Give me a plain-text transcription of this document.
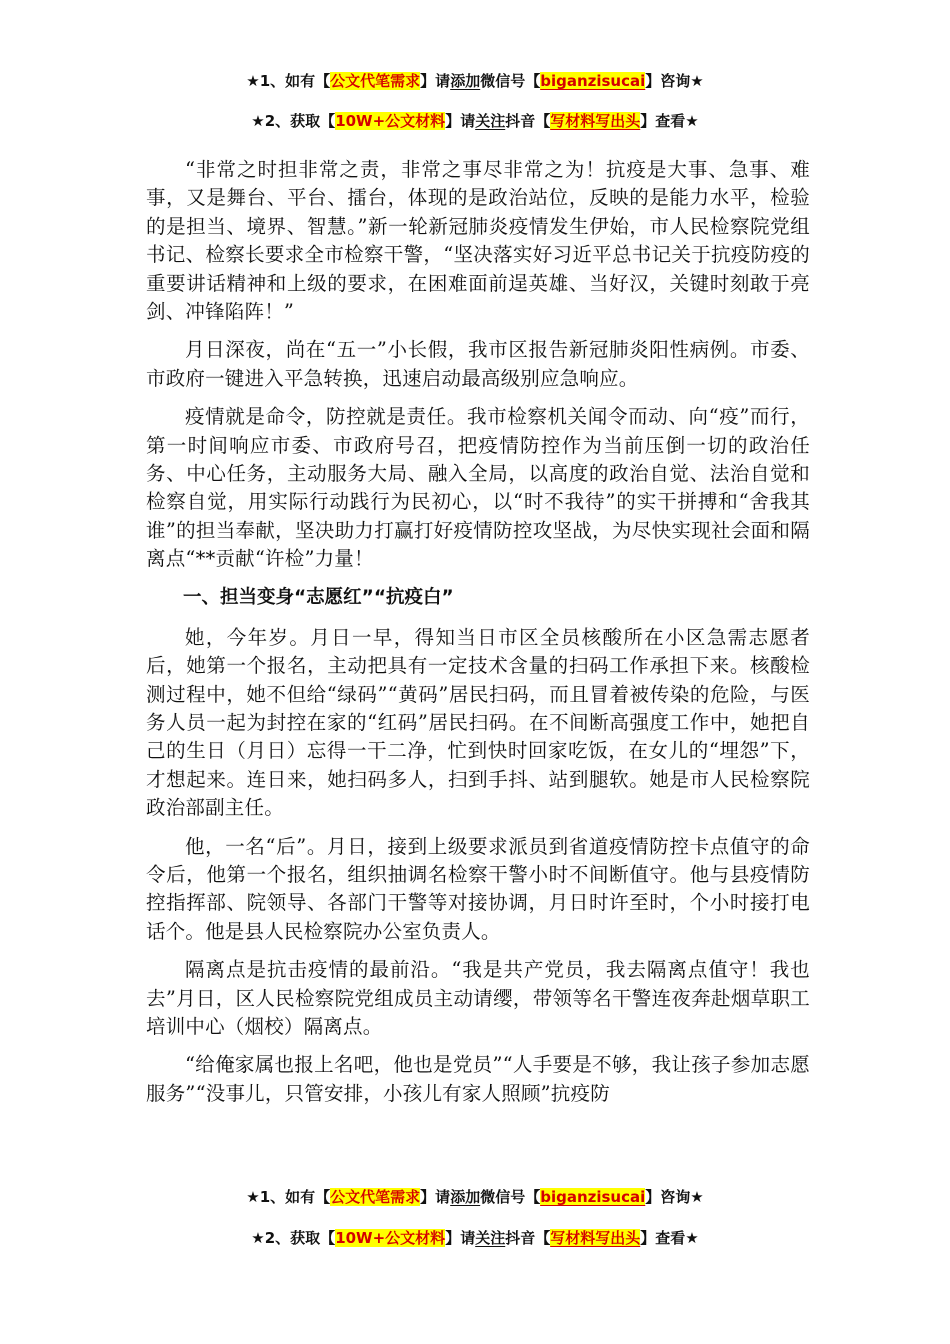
★1、如有【公文代笔需求】请添加微信号【biganzisucai】咨询★
★2、获取【10W+公文材料】请关注抖音【写材料写出头】查看★

“非常之时担非常之责，非常之事尽非常之为！抗疫是大事、急事、难事，又是舞台、平台、擂台，体现的是政治站位，反映的是能力水平，检验的是担当、境界、智慧。”新一轮新冠肺炎疫情发生伊始，市人民检察院党组书记、检察长要求全市检察干警，“坚决落实好习近平总书记关于抗疫防疫的重要讲话精神和上级的要求，在困难面前逞英雄、当好汉，关键时刻敢于亮剑、冲锋陷阵！”

月日深夜，尚在“五一”小长假，我市区报告新冠肺炎阳性病例。市委、市政府一键进入平急转换，迅速启动最高级别应急响应。

疫情就是命令，防控就是责任。我市检察机关闻令而动、向“疫”而行，第一时间响应市委、市政府号召，把疫情防控作为当前压倒一切的政治任务、中心任务，主动服务大局、融入全局，以高度的政治自觉、法治自觉和检察自觉，用实际行动践行为民初心，以“时不我待”的实干拼搏和“舍我其谁”的担当奉献，坚决助力打赢打好疫情防控攻坚战，为尽快实现社会面和隔离点“**贡献“许检”力量！

一、担当变身“志愿红”“抗疫白”

她，今年岁。月日一早，得知当日市区全员核酸所在小区急需志愿者后，她第一个报名，主动把具有一定技术含量的扫码工作承担下来。核酸检测过程中，她不但给“绿码”“黄码”居民扫码，而且冒着被传染的危险，与医务人员一起为封控在家的“红码”居民扫码。在不间断高强度工作中，她把自己的生日（月日）忘得一干二净，忙到快时回家吃饭，在女儿的“埋怨”下，才想起来。连日来，她扫码多人，扫到手抖、站到腿软。她是市人民检察院政治部副主任。

他，一名“后”。月日，接到上级要求派员到省道疫情防控卡点值守的命令后，他第一个报名，组织抽调名检察干警小时不间断值守。他与县疫情防控指挥部、院领导、各部门干警等对接协调，月日时许至时，个小时接打电话个。他是县人民检察院办公室负责人。

隔离点是抗击疫情的最前沿。“我是共产党员，我去隔离点值守！我也去”月日，区人民检察院党组成员主动请缨，带领等名干警连夜奔赴烟草职工培训中心（烟校）隔离点。

“给俺家属也报上名吧，他也是党员”“人手要是不够，我让孩子参加志愿服务”“没事儿，只管安排，小孩儿有家人照顾”抗疫防

★1、如有【公文代笔需求】请添加微信号【biganzisucai】咨询★
★2、获取【10W+公文材料】请关注抖音【写材料写出头】查看★
